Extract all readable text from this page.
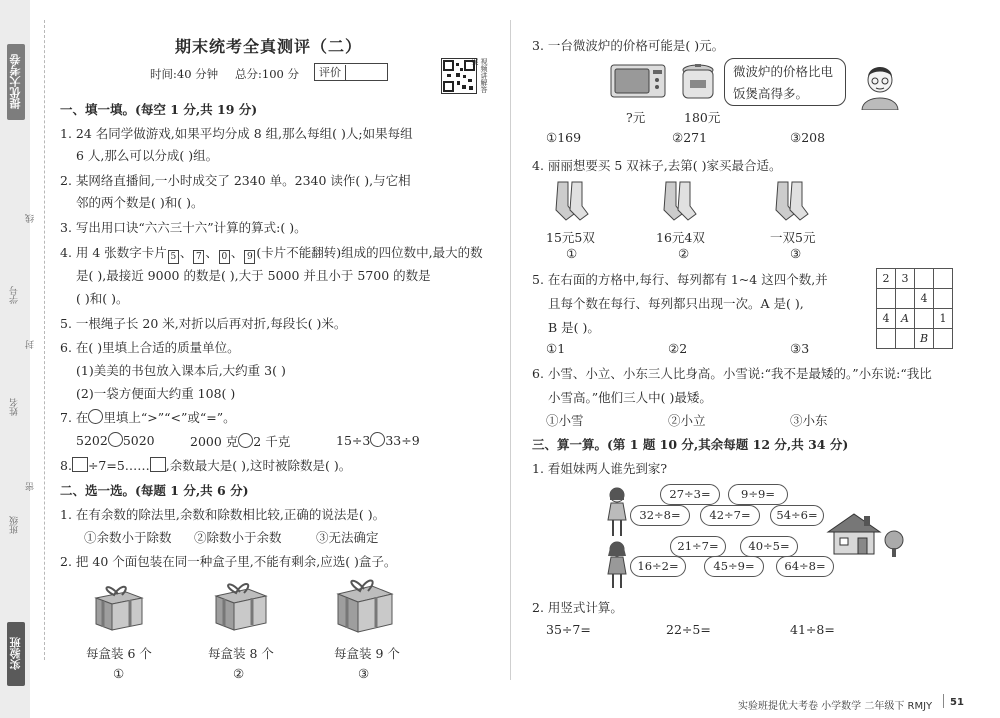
提优大考卷
实验班
学号
姓名
班级
线
封
密
期末统考全真测评（二）
时间:40 分钟 总分:100 分	评价	视频讲解答案
一、填一填。(每空 1 分,共 19 分)
1. 24 名同学做游戏,如果平均分成 8 组,那么每组( )人;如果每组
6 人,那么可以分成( )组。
2. 某网络直播间,一小时成交了 2340 单。2340 读作( ),与它相
邻的两个数是( )和( )。
3. 写出用口诀“六六三十六”计算的算式:( )。
4. 用 4 张数字卡片 5 、 7 、 0 、 9 (卡片不能翻转)组成的四位数中,最大的数
是( ),最接近 9000 的数是( ),大于 5000 并且小于 5700 的数是
( )和( )。
5. 一根绳子长 20 米,对折以后再对折,每段长( )米。
6. 在( )里填上合适的质量单位。
(1)美美的书包放入课本后,大约重 3( )
(2)一袋方便面大约重 108( )
7. 在 里填上“>”“<”或“=”。
5202 5020	2000 克 2 千克	15÷3 33÷9
8. ÷7=5…… ,余数最大是( ),这时被除数是( )。
二、选一选。(每题 1 分,共 6 分)
1. 在有余数的除法里,余数和除数相比较,正确的说法是( )。
①余数小于除数 ②除数小于余数	③无法确定
2. 把 40 个面包装在同一种盒子里,不能有剩余,应选( )盒子。
每盒装 6 个	每盒装 8 个	每盒装 9 个
①	②	③
3. 一台微波炉的价格可能是( )元。
?元	180元
微波炉的价格比电饭煲高得多。
①169	②271	③208
4. 丽丽想要买 5 双袜子,去第( )家买最合适。
15元5双	16元4双	一双5元
①	②	③
5. 在右面的方格中,每行、每列都有 1~4 这四个数,并
且每个数在每行、每列都只出现一次。A 是( ),
B 是( )。
2	3		
		4	
4	A		1
		B	
①1	②2	③3
6. 小雪、小立、小东三人比身高。小雪说:“我不是最矮的。”小东说:“我比
小雪高。”他们三人中( )最矮。
①小雪	②小立	③小东
三、算一算。(第 1 题 10 分,其余每题 12 分,共 34 分)
1. 看姐妹两人谁先到家?
27÷3=	9÷9=
32÷8=	42÷7=	54÷6=
21÷7=	40÷5=
16÷2=	45÷9=	64÷8=
2. 用竖式计算。
35÷7=	22÷5=	41÷8=
实验班提优大考卷 小学数学 二年级下 RMJY 51
